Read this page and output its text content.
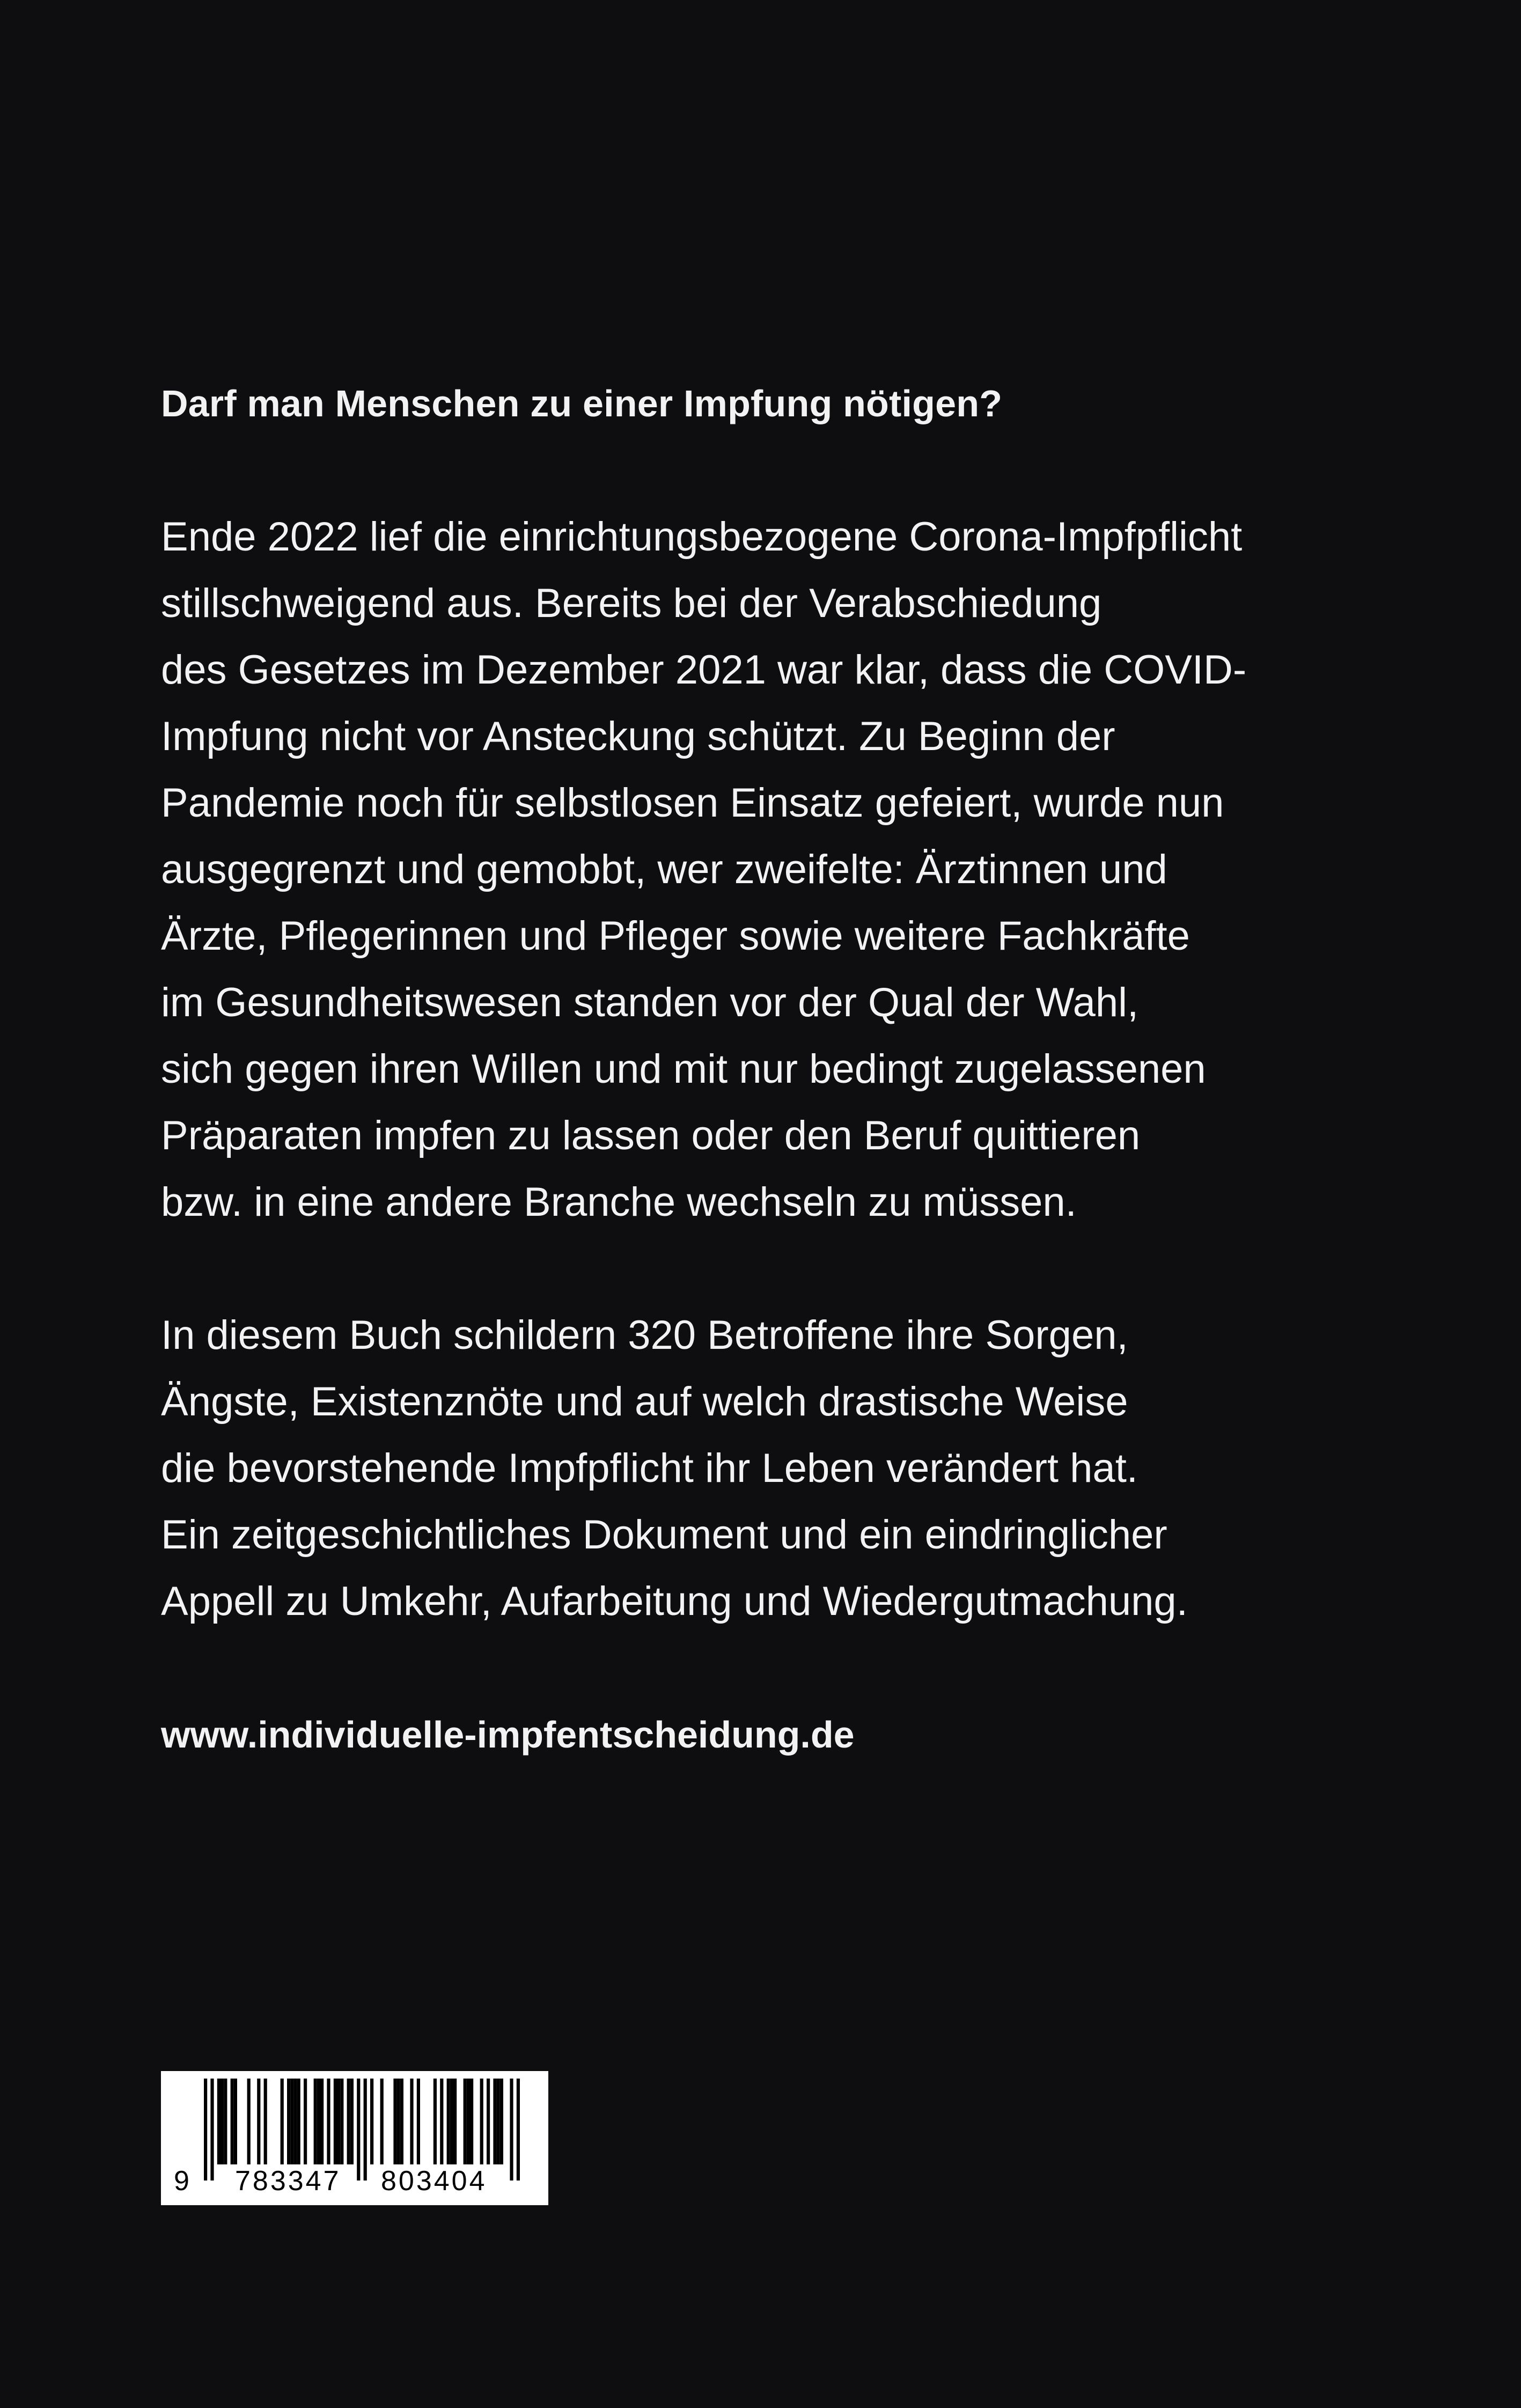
Darf man Menschen zu einer Impfung nötigen?

Ende 2022 lief die einrichtungsbezogene Corona-Impfpflicht
stillschweigend aus. Bereits bei der Verabschiedung
des Gesetzes im Dezember 2021 war klar, dass die COVID-
Impfung nicht vor Ansteckung schützt. Zu Beginn der
Pandemie noch für selbstlosen Einsatz gefeiert, wurde nun
ausgegrenzt und gemobbt, wer zweifelte: Ärztinnen und
Ärzte, Pflegerinnen und Pfleger sowie weitere Fachkräfte
im Gesundheitswesen standen vor der Qual der Wahl,
sich gegen ihren Willen und mit nur bedingt zugelassenen
Präparaten impfen zu lassen oder den Beruf quittieren
bzw. in eine andere Branche wechseln zu müssen.

In diesem Buch schildern 320 Betroffene ihre Sorgen,
Ängste, Existenznöte und auf welch drastische Weise
die bevorstehende Impfpflicht ihr Leben verändert hat.
Ein zeitgeschichtliches Dokument und ein eindringlicher
Appell zu Umkehr, Aufarbeitung und Wiedergutmachung.

www.individuelle-impfentscheidung.de

9 783347 803404
